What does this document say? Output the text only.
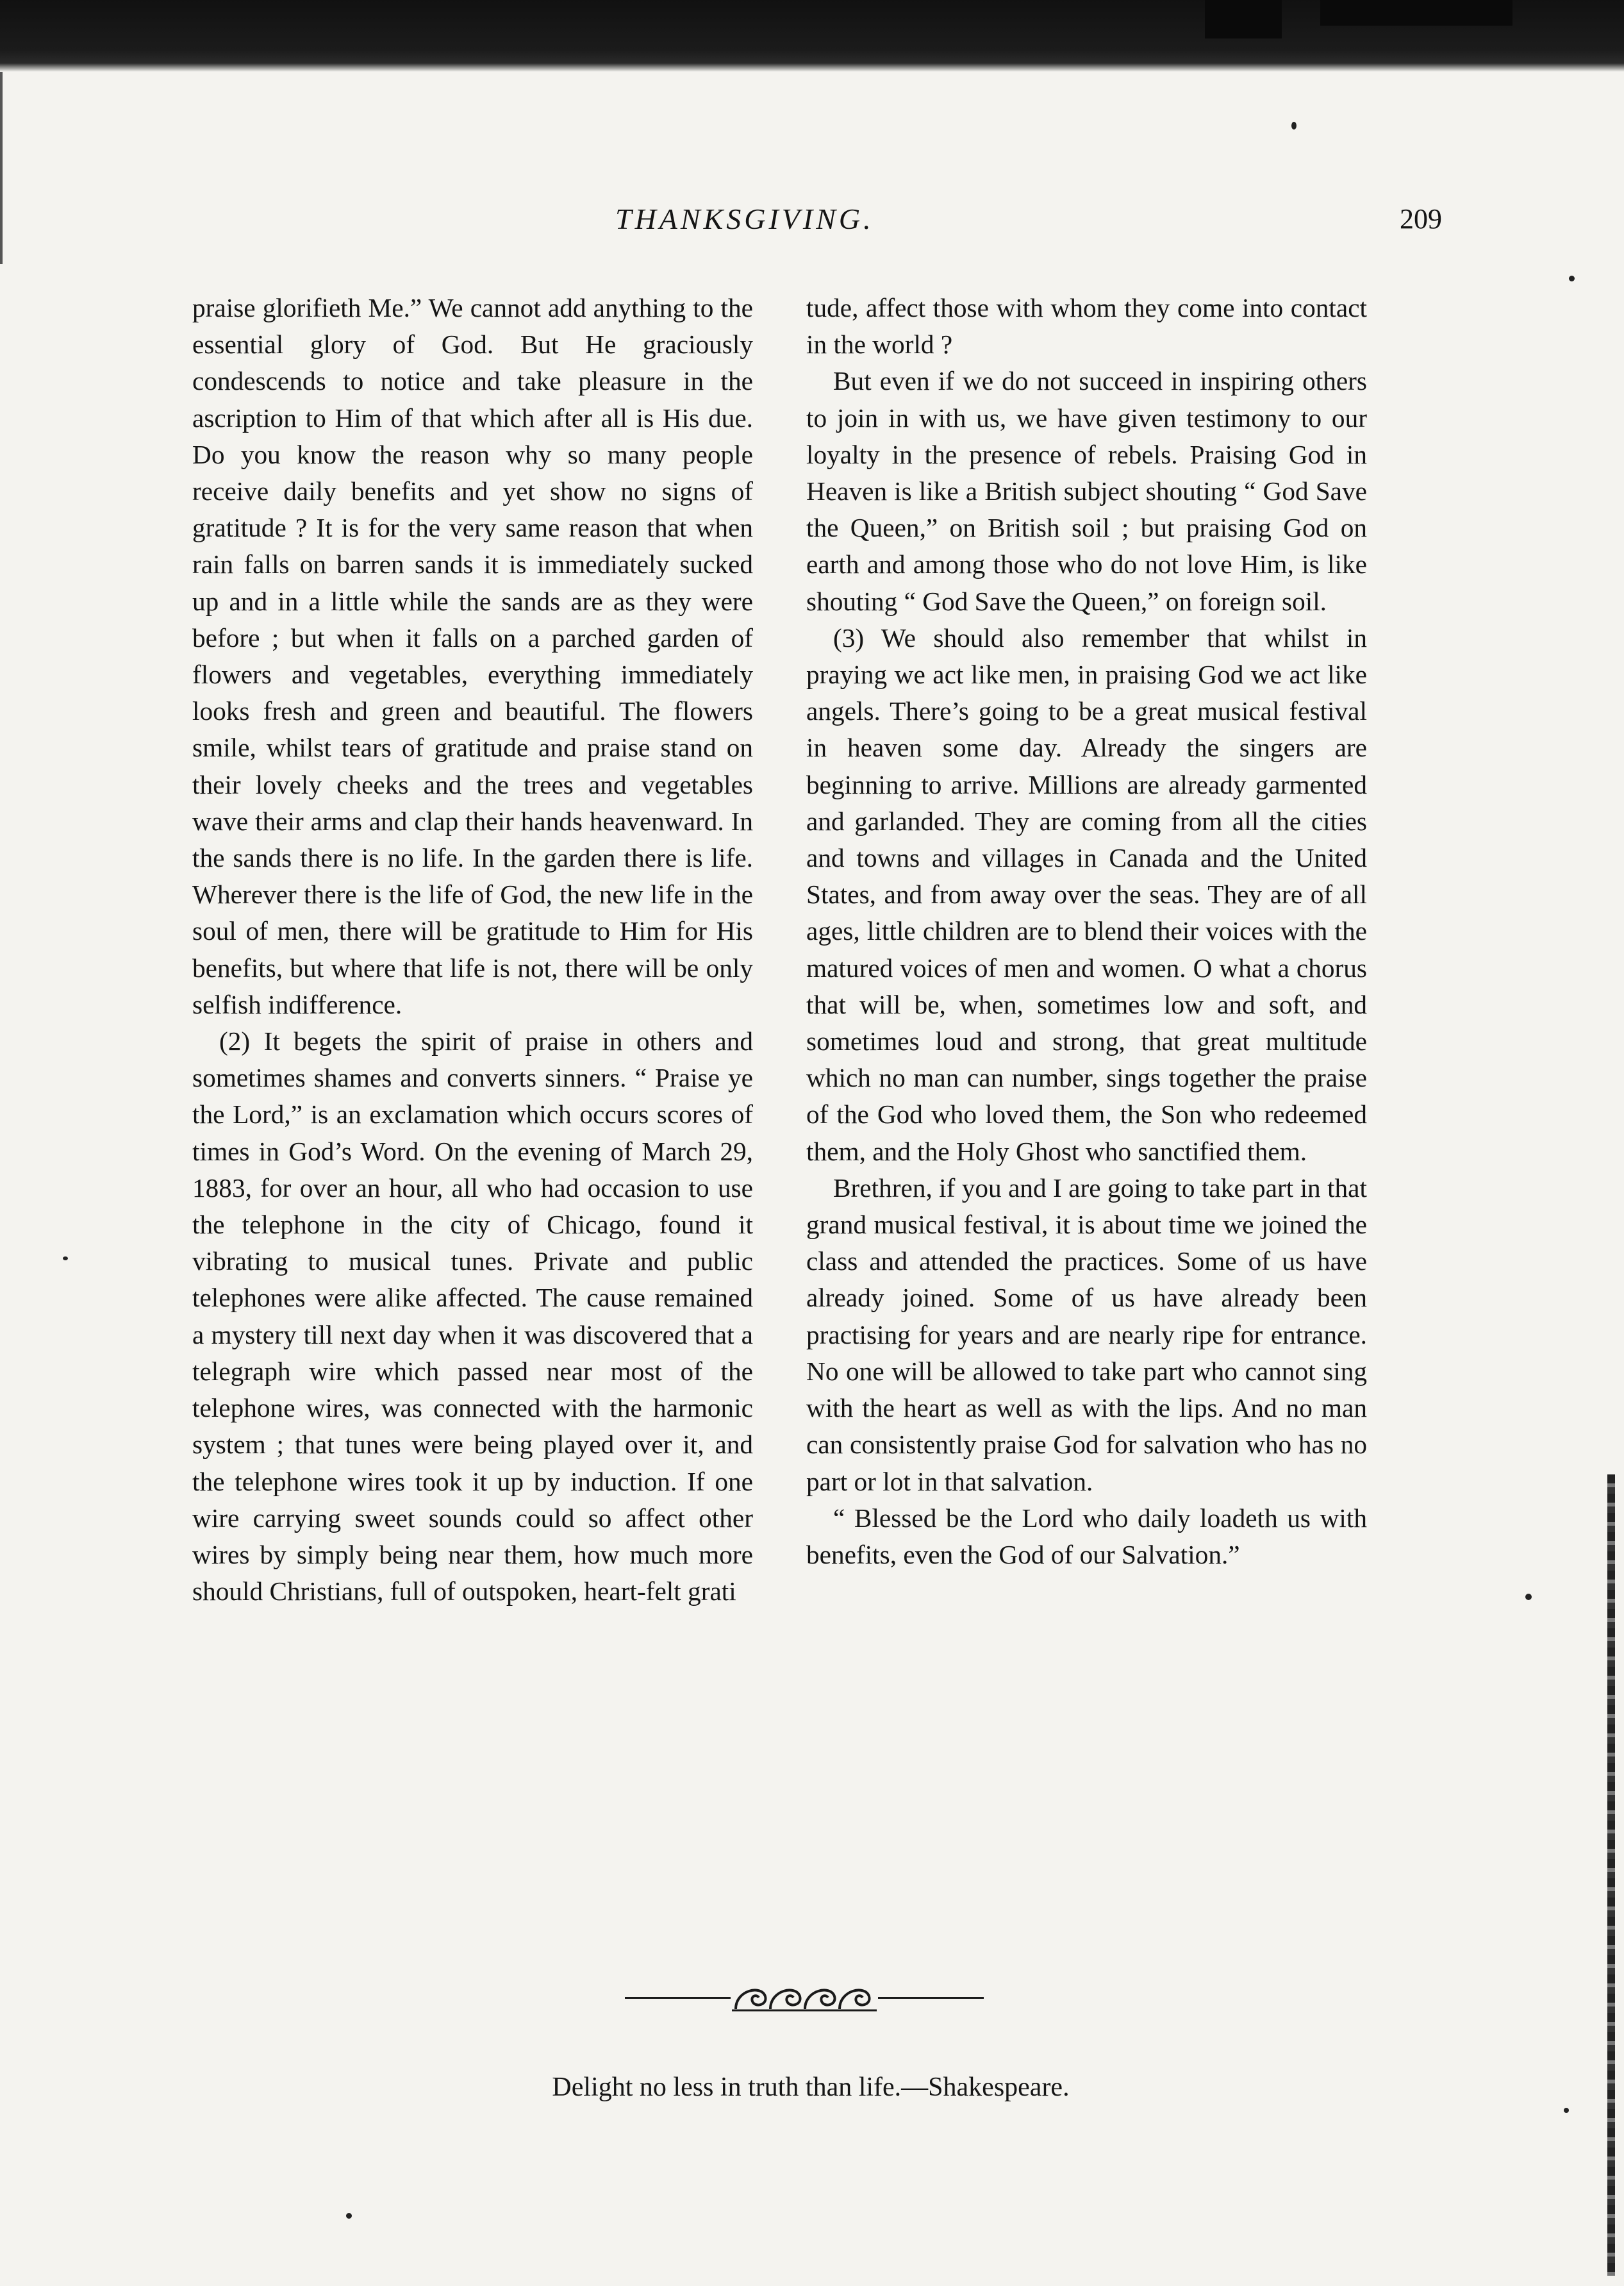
THANKSGIVING.	209

praise glorifieth Me.” We cannot add anything to the essential glory of God. But He graciously condescends to notice and take pleasure in the ascription to Him of that which after all is His due. Do you know the reason why so many people receive daily benefits and yet show no signs of gratitude ? It is for the very same reason that when rain falls on barren sands it is immediately sucked up and in a little while the sands are as they were before ; but when it falls on a parched garden of flowers and vegetables, everything immediately looks fresh and green and beautiful. The flowers smile, whilst tears of gratitude and praise stand on their lovely cheeks and the trees and vegetables wave their arms and clap their hands heavenward. In the sands there is no life. In the garden there is life. Wherever there is the life of God, the new life in the soul of men, there will be gratitude to Him for His benefits, but where that life is not, there will be only selfish indifference.

(2) It begets the spirit of praise in others and sometimes shames and converts sinners. “ Praise ye the Lord,” is an exclamation which occurs scores of times in God’s Word. On the evening of March 29, 1883, for over an hour, all who had occasion to use the telephone in the city of Chicago, found it vibrating to musical tunes. Private and public telephones were alike affected. The cause remained a mystery till next day when it was discovered that a telegraph wire which passed near most of the telephone wires, was connected with the harmonic system ; that tunes were being played over it, and the telephone wires took it up by induction. If one wire carrying sweet sounds could so affect other wires by simply being near them, how much more should Christians, full of outspoken, heart-felt grati

tude, affect those with whom they come into contact in the world ?

But even if we do not succeed in inspiring others to join in with us, we have given testimony to our loyalty in the presence of rebels. Praising God in Heaven is like a British subject shouting “ God Save the Queen,” on British soil ; but praising God on earth and among those who do not love Him, is like shouting “ God Save the Queen,” on foreign soil.

(3) We should also remember that whilst in praying we act like men, in praising God we act like angels. There’s going to be a great musical festival in heaven some day. Already the singers are beginning to arrive. Millions are already garmented and garlanded. They are coming from all the cities and towns and villages in Canada and the United States, and from away over the seas. They are of all ages, little children are to blend their voices with the matured voices of men and women. O what a chorus that will be, when, sometimes low and soft, and sometimes loud and strong, that great multitude which no man can number, sings together the praise of the God who loved them, the Son who redeemed them, and the Holy Ghost who sanctified them.

Brethren, if you and I are going to take part in that grand musical festival, it is about time we joined the class and attended the practices. Some of us have already joined. Some of us have already been practising for years and are nearly ripe for entrance. No one will be allowed to take part who cannot sing with the heart as well as with the lips. And no man can consistently praise God for salvation who has no part or lot in that salvation.

“ Blessed be the Lord who daily loadeth us with benefits, even the God of our Salvation.”

Delight no less in truth than life.—Shakespeare.
